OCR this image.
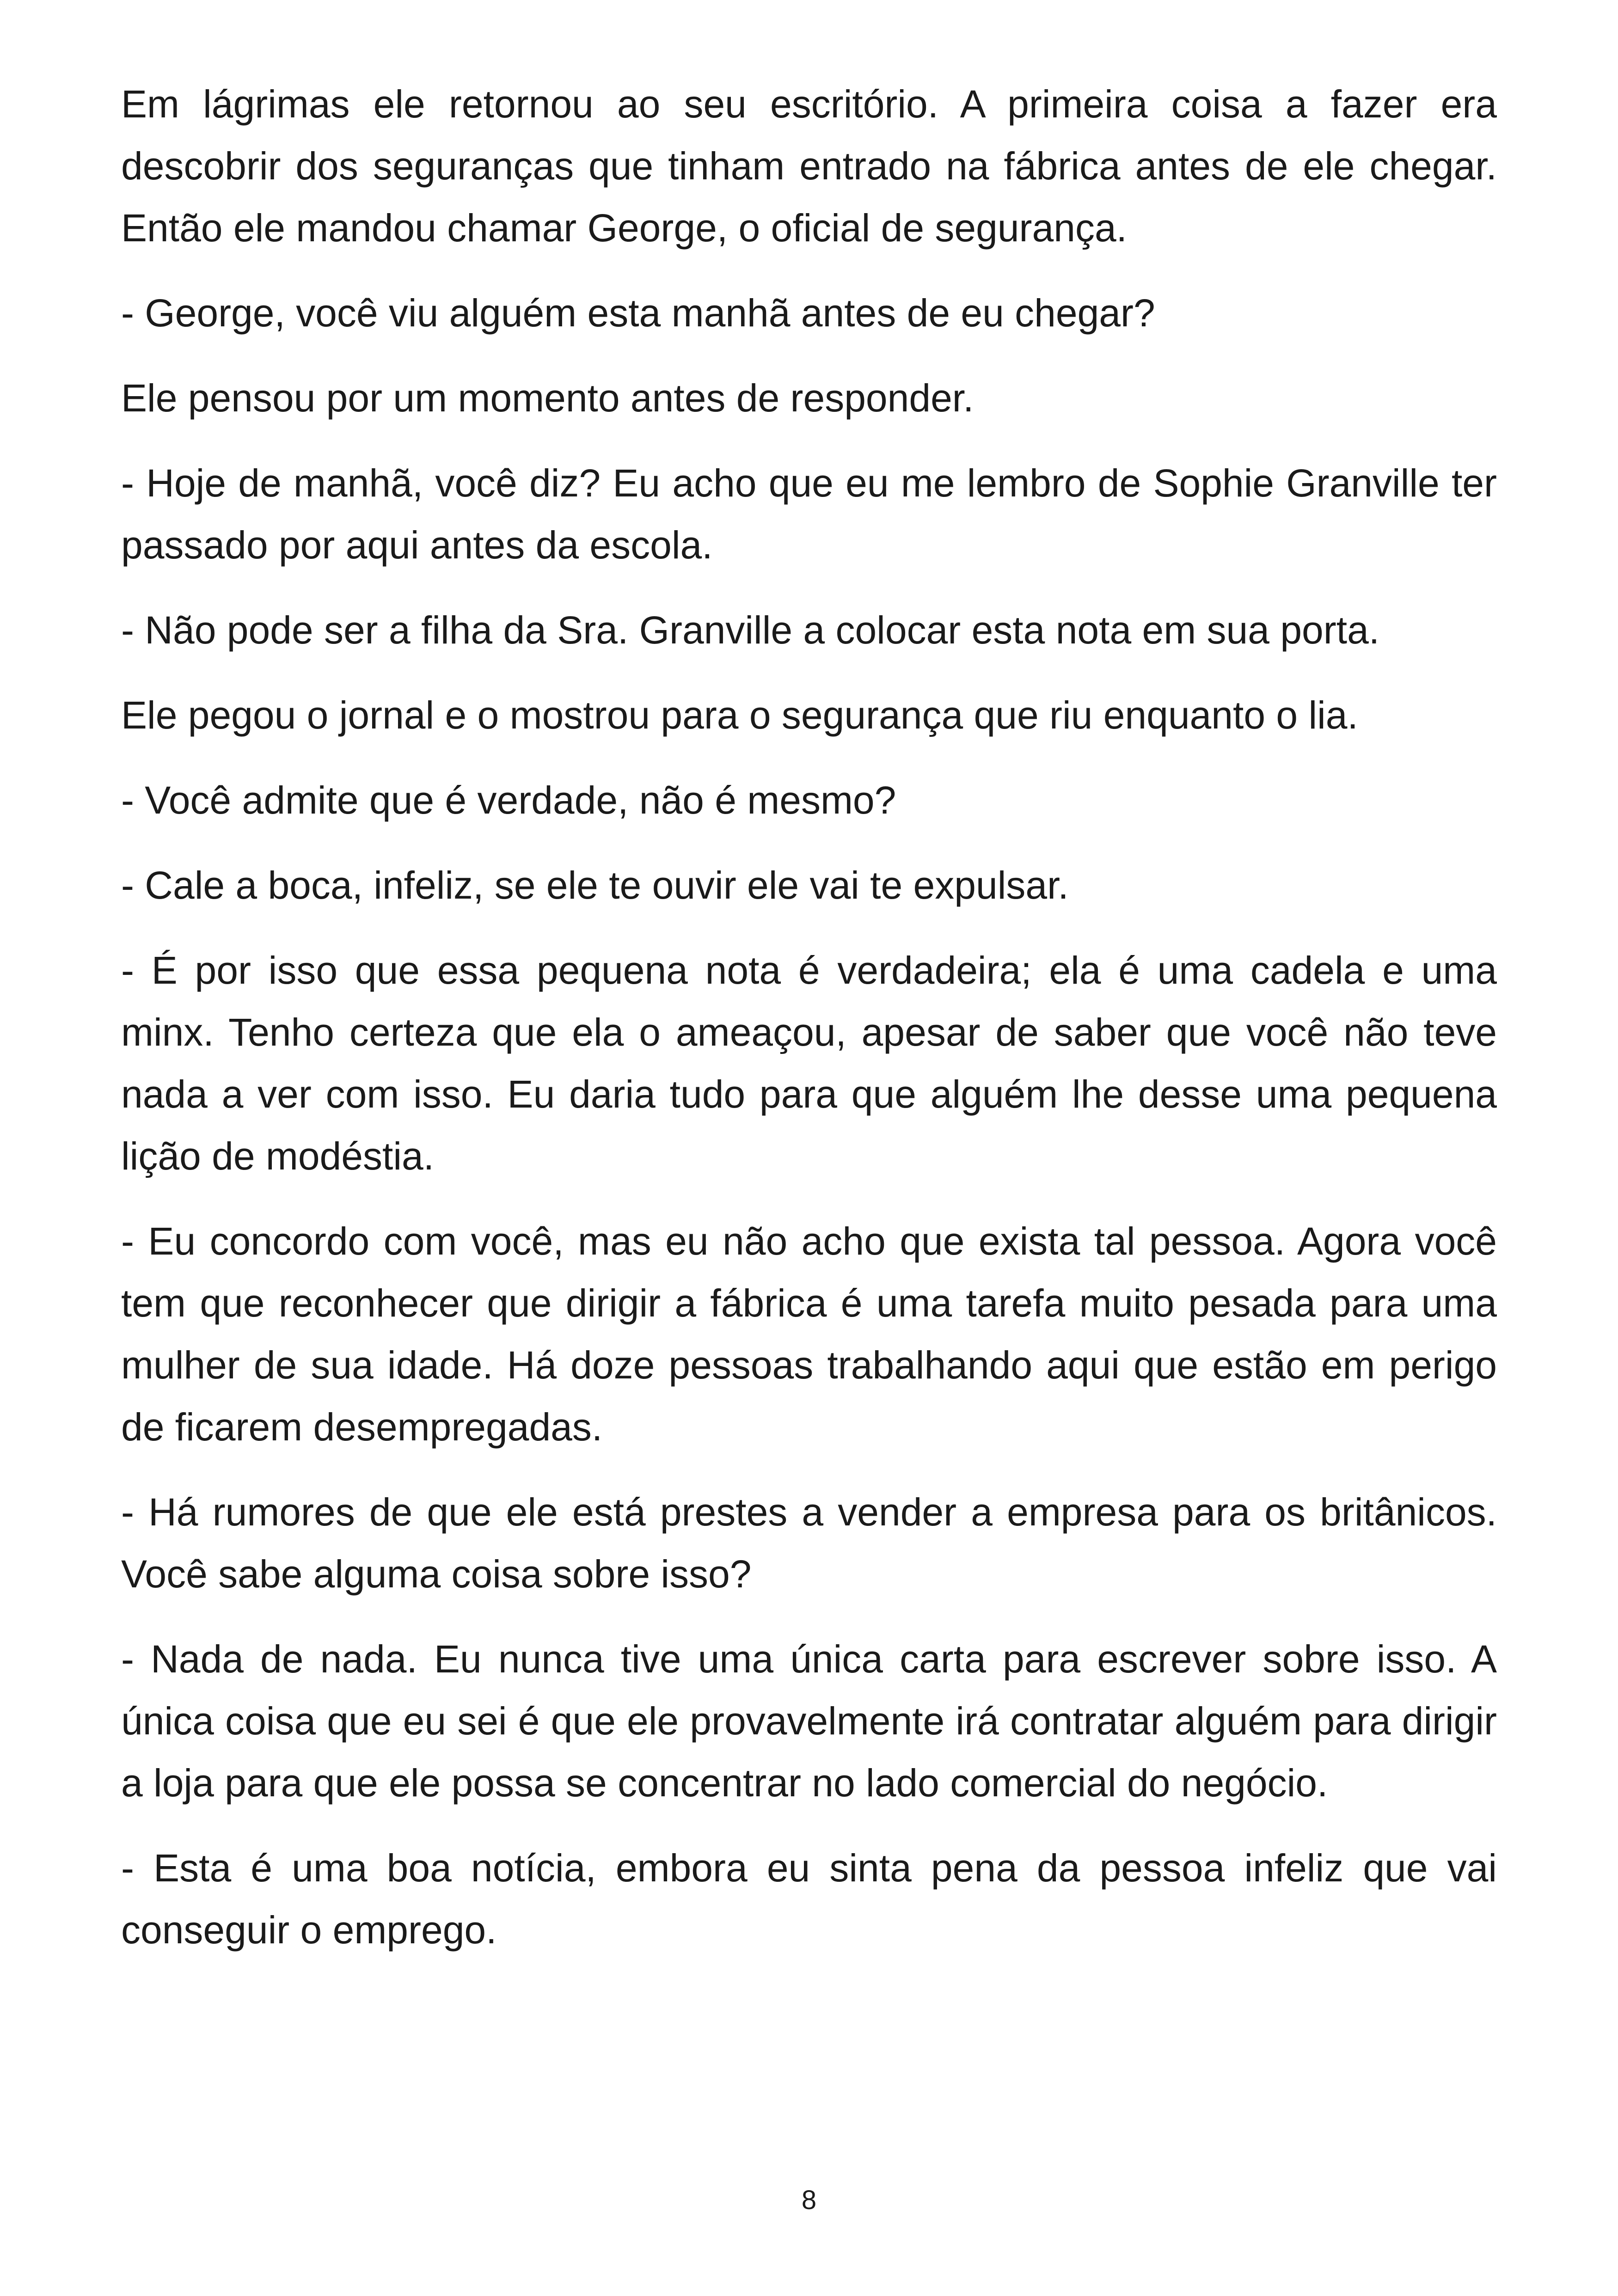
Em lágrimas ele retornou ao seu escritório. A primeira coisa a fazer era descobrir dos seguranças que tinham entrado na fábrica antes de ele chegar. Então ele mandou chamar George, o oficial de segurança.

- George, você viu alguém esta manhã antes de eu chegar?

Ele pensou por um momento antes de responder.

- Hoje de manhã, você diz? Eu acho que eu me lembro de Sophie Granville ter passado por aqui antes da escola.

- Não pode ser a filha da Sra. Granville a colocar esta nota em sua porta.

Ele pegou o jornal e o mostrou para o segurança que riu enquanto o lia.

- Você admite que é verdade, não é mesmo?

- Cale a boca, infeliz, se ele te ouvir ele vai te expulsar.

- É por isso que essa pequena nota é verdadeira; ela é uma cadela e uma minx. Tenho certeza que ela o ameaçou, apesar de saber que você não teve nada a ver com isso. Eu daria tudo para que alguém lhe desse uma pequena lição de modéstia.

- Eu concordo com você, mas eu não acho que exista tal pessoa. Agora você tem que reconhecer que dirigir a fábrica é uma tarefa muito pesada para uma mulher de sua idade. Há doze pessoas trabalhando aqui que estão em perigo de ficarem desempregadas.

- Há rumores de que ele está prestes a vender a empresa para os britânicos. Você sabe alguma coisa sobre isso?

- Nada de nada. Eu nunca tive uma única carta para escrever sobre isso. A única coisa que eu sei é que ele provavelmente irá contratar alguém para dirigir a loja para que ele possa se concentrar no lado comercial do negócio.

- Esta é uma boa notícia, embora eu sinta pena da pessoa infeliz que vai conseguir o emprego.

8
